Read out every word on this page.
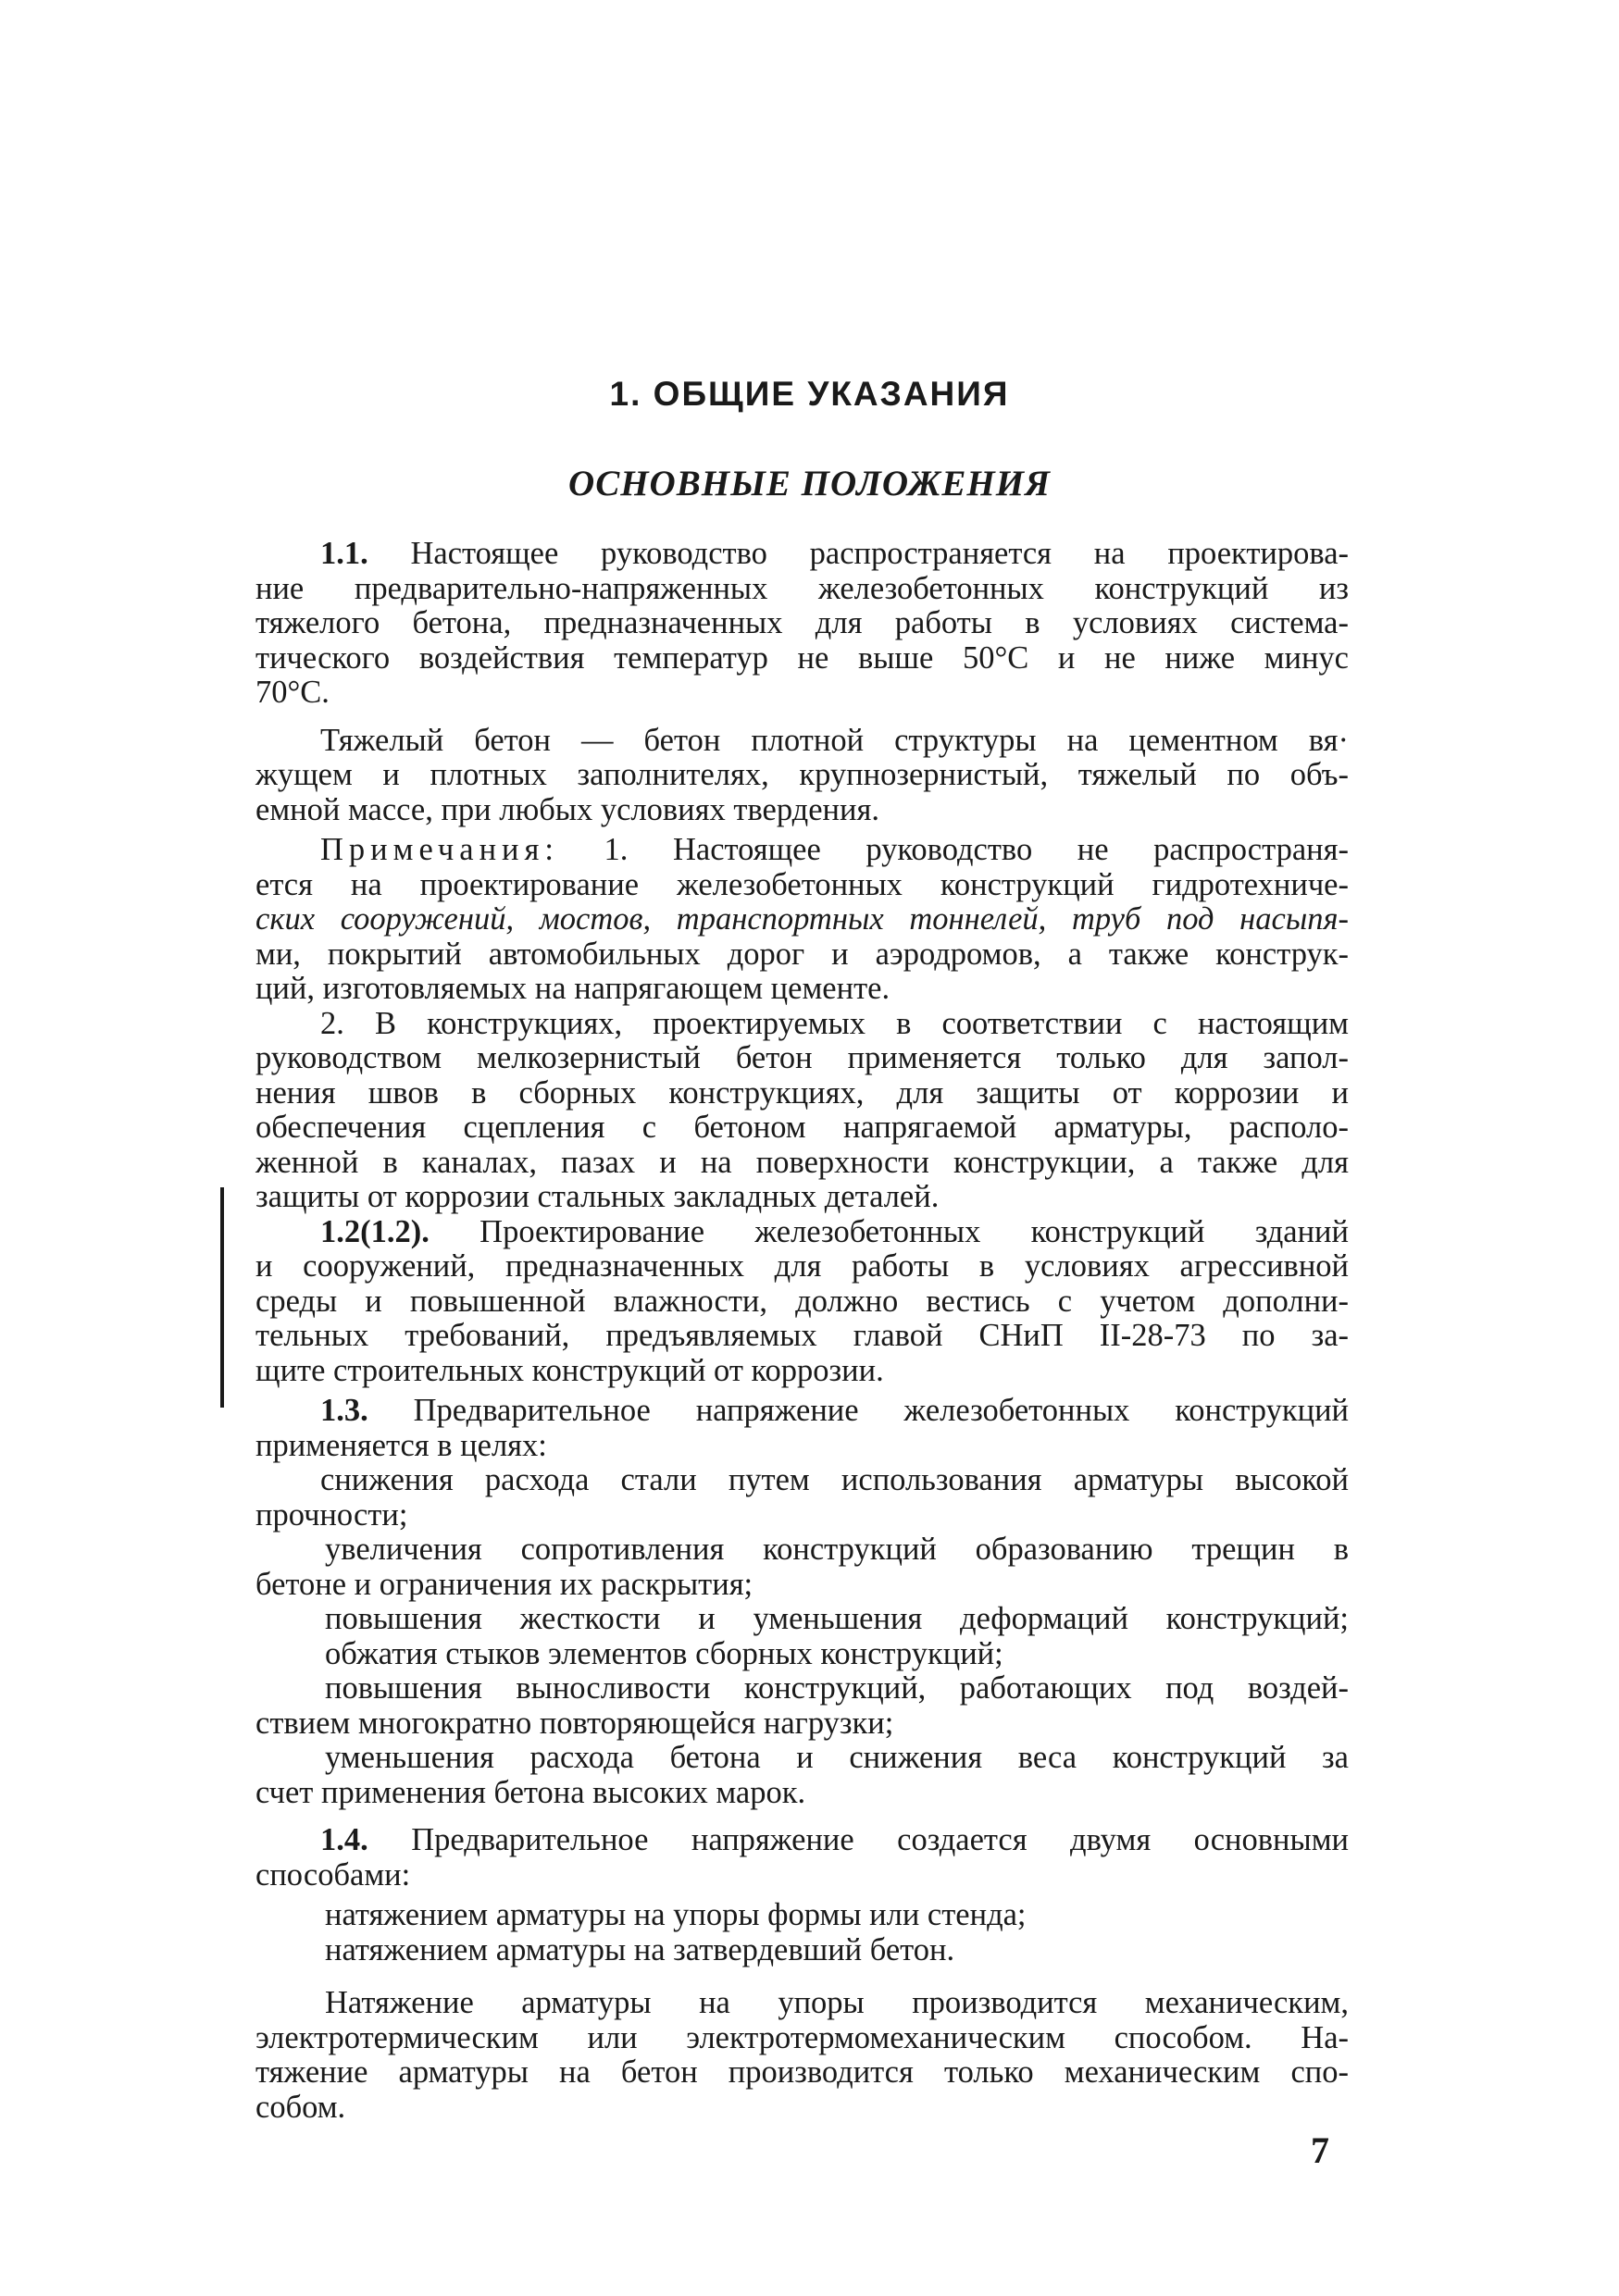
1. ОБЩИЕ УКАЗАНИЯ
ОСНОВНЫЕ ПОЛОЖЕНИЯ
1.1. Настоящее руководство распространяется на проектирова-
ние предварительно-напряженных железобетонных конструкций из
тяжелого бетона, предназначенных для работы в условиях система-
тического воздействия температур не выше 50°С и не ниже минус
70°С.
Тяжелый бетон — бетон плотной структуры на цементном вя·
жущем и плотных заполнителях, крупнозернистый, тяжелый по объ-
емной массе, при любых условиях твердения.
Примечания: 1. Настоящее руководство не распространя-
ется на проектирование железобетонных конструкций гидротехниче-
ских сооружений, мостов, транспортных тоннелей, труб под насыпя-
ми, покрытий автомобильных дорог и аэродромов, а также конструк-
ций, изготовляемых на напрягающем цементе.
2. В конструкциях, проектируемых в соответствии с настоящим
руководством мелкозернистый бетон применяется только для запол-
нения швов в сборных конструкциях, для защиты от коррозии и
обеспечения сцепления с бетоном напрягаемой арматуры, располо-
женной в каналах, пазах и на поверхности конструкции, а также для
защиты от коррозии стальных закладных деталей.
1.2(1.2). Проектирование железобетонных конструкций зданий
и сооружений, предназначенных для работы в условиях агрессивной
среды и повышенной влажности, должно вестись с учетом дополни-
тельных требований, предъявляемых главой СНиП II-28-73 по за-
щите строительных конструкций от коррозии.
1.3. Предварительное напряжение железобетонных конструкций
применяется в целях:
снижения расхода стали путем использования арматуры высокой
прочности;
увеличения сопротивления конструкций образованию трещин в
бетоне и ограничения их раскрытия;
повышения жесткости и уменьшения деформаций конструкций;
обжатия стыков элементов сборных конструкций;
повышения выносливости конструкций, работающих под воздей-
ствием многократно повторяющейся нагрузки;
уменьшения расхода бетона и снижения веса конструкций за
счет применения бетона высоких марок.
1.4. Предварительное напряжение создается двумя основными
способами:
натяжением арматуры на упоры формы или стенда;
натяжением арматуры на затвердевший бетон.
Натяжение арматуры на упоры производится механическим,
электротермическим или электротермомеханическим способом. На-
тяжение арматуры на бетон производится только механическим спо-
собом.
7
